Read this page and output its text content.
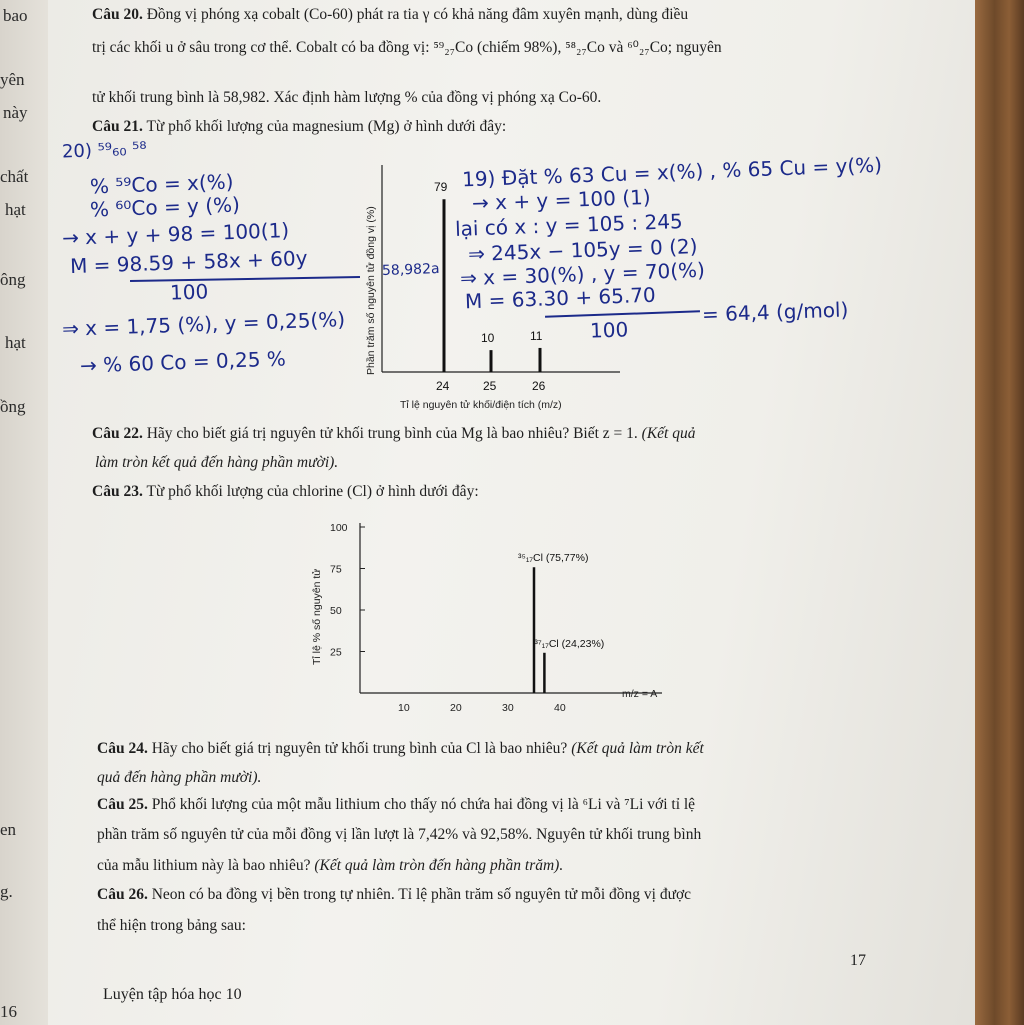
bao
yên
này
chất
hạt
ông
hạt
ồng
en
g.
16
Câu 20. Đồng vị phóng xạ cobalt (Co-60) phát ra tia γ có khả năng đâm xuyên mạnh, dùng điều
trị các khối u ở sâu trong cơ thể. Cobalt có ba đồng vị: ⁵⁹₂₇Co (chiếm 98%), ⁵⁸₂₇Co và ⁶⁰₂₇Co; nguyên
tử khối trung bình là 58,982. Xác định hàm lượng % của đồng vị phóng xạ Co-60.
Câu 21. Từ phổ khối lượng của magnesium (Mg) ở hình dưới đây:
Phần trăm số nguyên tử đồng vị (%)
79
24
10
25
11
26
Tỉ lệ nguyên tử khối/điện tích (m/z)
Câu 22. Hãy cho biết giá trị nguyên tử khối trung bình của Mg là bao nhiêu? Biết z = 1. (Kết quả
làm tròn kết quả đến hàng phần mười).
Câu 23. Từ phổ khối lượng của chlorine (Cl) ở hình dưới đây:
Tỉ lệ % số nguyên tử
100
75
50
25
10	20	30	40
³⁵₁₇Cl (75,77%)
³⁷₁₇Cl (24,23%)
m/z = A
Câu 24. Hãy cho biết giá trị nguyên tử khối trung bình của Cl là bao nhiêu? (Kết quả làm tròn kết
quả đến hàng phần mười).
Câu 25. Phổ khối lượng của một mẫu lithium cho thấy nó chứa hai đồng vị là ⁶Li và ⁷Li với tỉ lệ
phần trăm số nguyên tử của mỗi đồng vị lần lượt là 7,42% và 92,58%. Nguyên tử khối trung bình
của mẫu lithium này là bao nhiêu? (Kết quả làm tròn đến hàng phần trăm).
Câu 26. Neon có ba đồng vị bền trong tự nhiên. Tỉ lệ phần trăm số nguyên tử mỗi đồng vị được
thể hiện trong bảng sau:
17
Luyện tập hóa học 10
20) ⁵⁹₆₀ ⁵⁸
% ⁵⁹Co = x(%)
% ⁶⁰Co = y (%)
→ x + y + 98 = 100(1)
M = 98.59 + 58x + 60y
100
⇒ x = 1,75 (%), y = 0,25(%)
→ % 60 Co = 0,25 %
19) Đặt % 63 Cu = x(%) , % 65 Cu = y(%)
→ x + y = 100 (1)
lại có x : y = 105 : 245
⇒ 245x − 105y = 0 (2)
⇒ x = 30(%) , y = 70(%)
M = 63.30 + 65.70
100
= 64,4 (g/mol)
58,982a
